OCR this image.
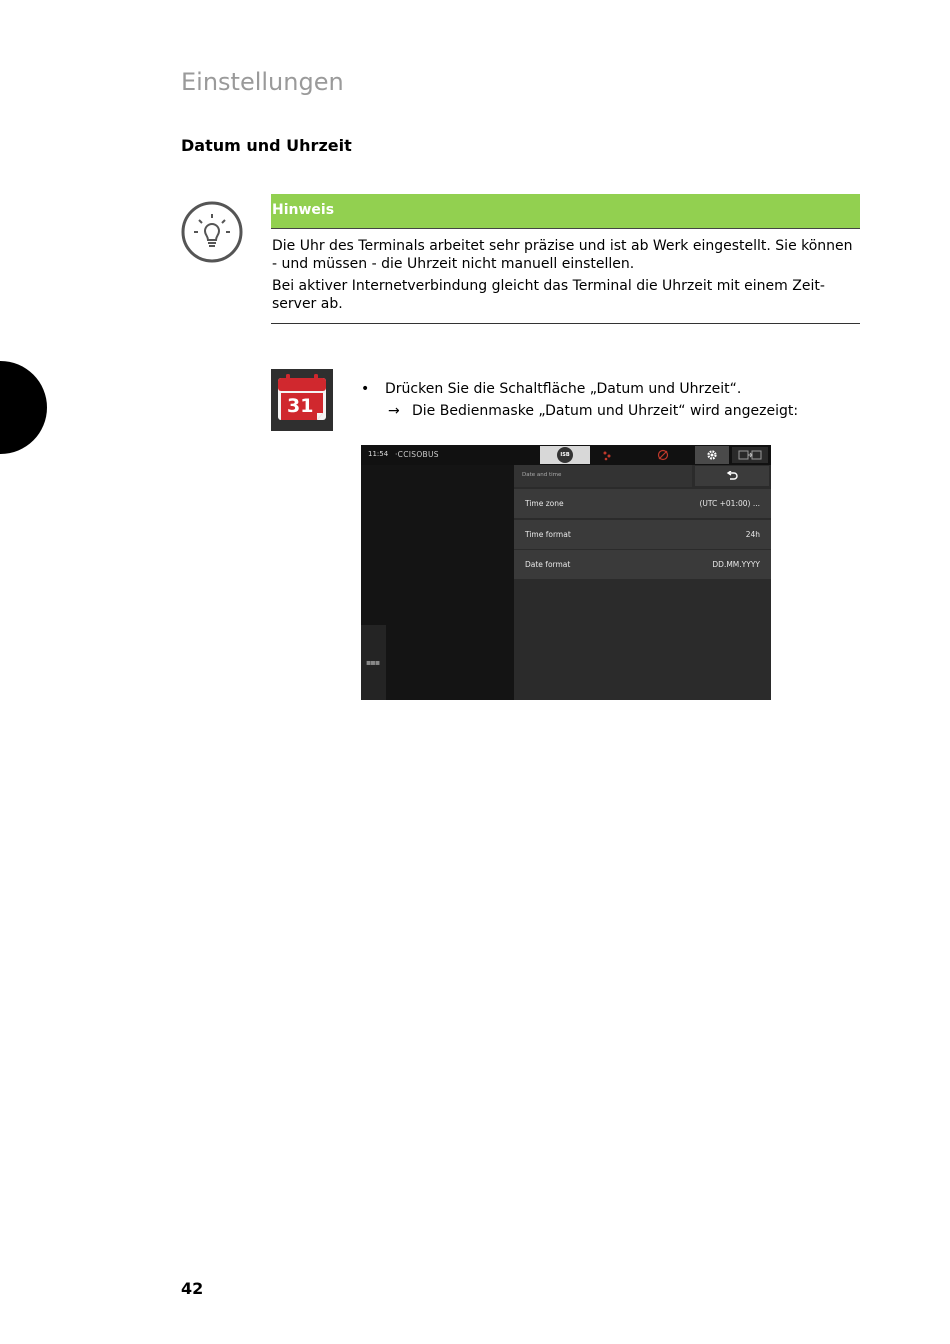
Einstellungen
Datum und Uhrzeit
Hinweis

Die Uhr des Terminals arbeitet sehr präzise und ist ab Werk eingestellt. Sie können - und müssen - die Uhrzeit nicht manuell einstellen.

Bei aktiver Internetverbindung gleicht das Terminal die Uhrzeit mit einem Zeit-server ab.

31
• Drücken Sie die Schaltfläche „Datum und Uhrzeit“.
→ Die Bedienmaske „Datum und Uhrzeit“ wird angezeigt:
11:54 ·CCISOBUS	ISB
▪▪▪
Date and time
Time zone	(UTC +01:00) ...
Time format	24h
Date format	DD.MM.YYYY
42
